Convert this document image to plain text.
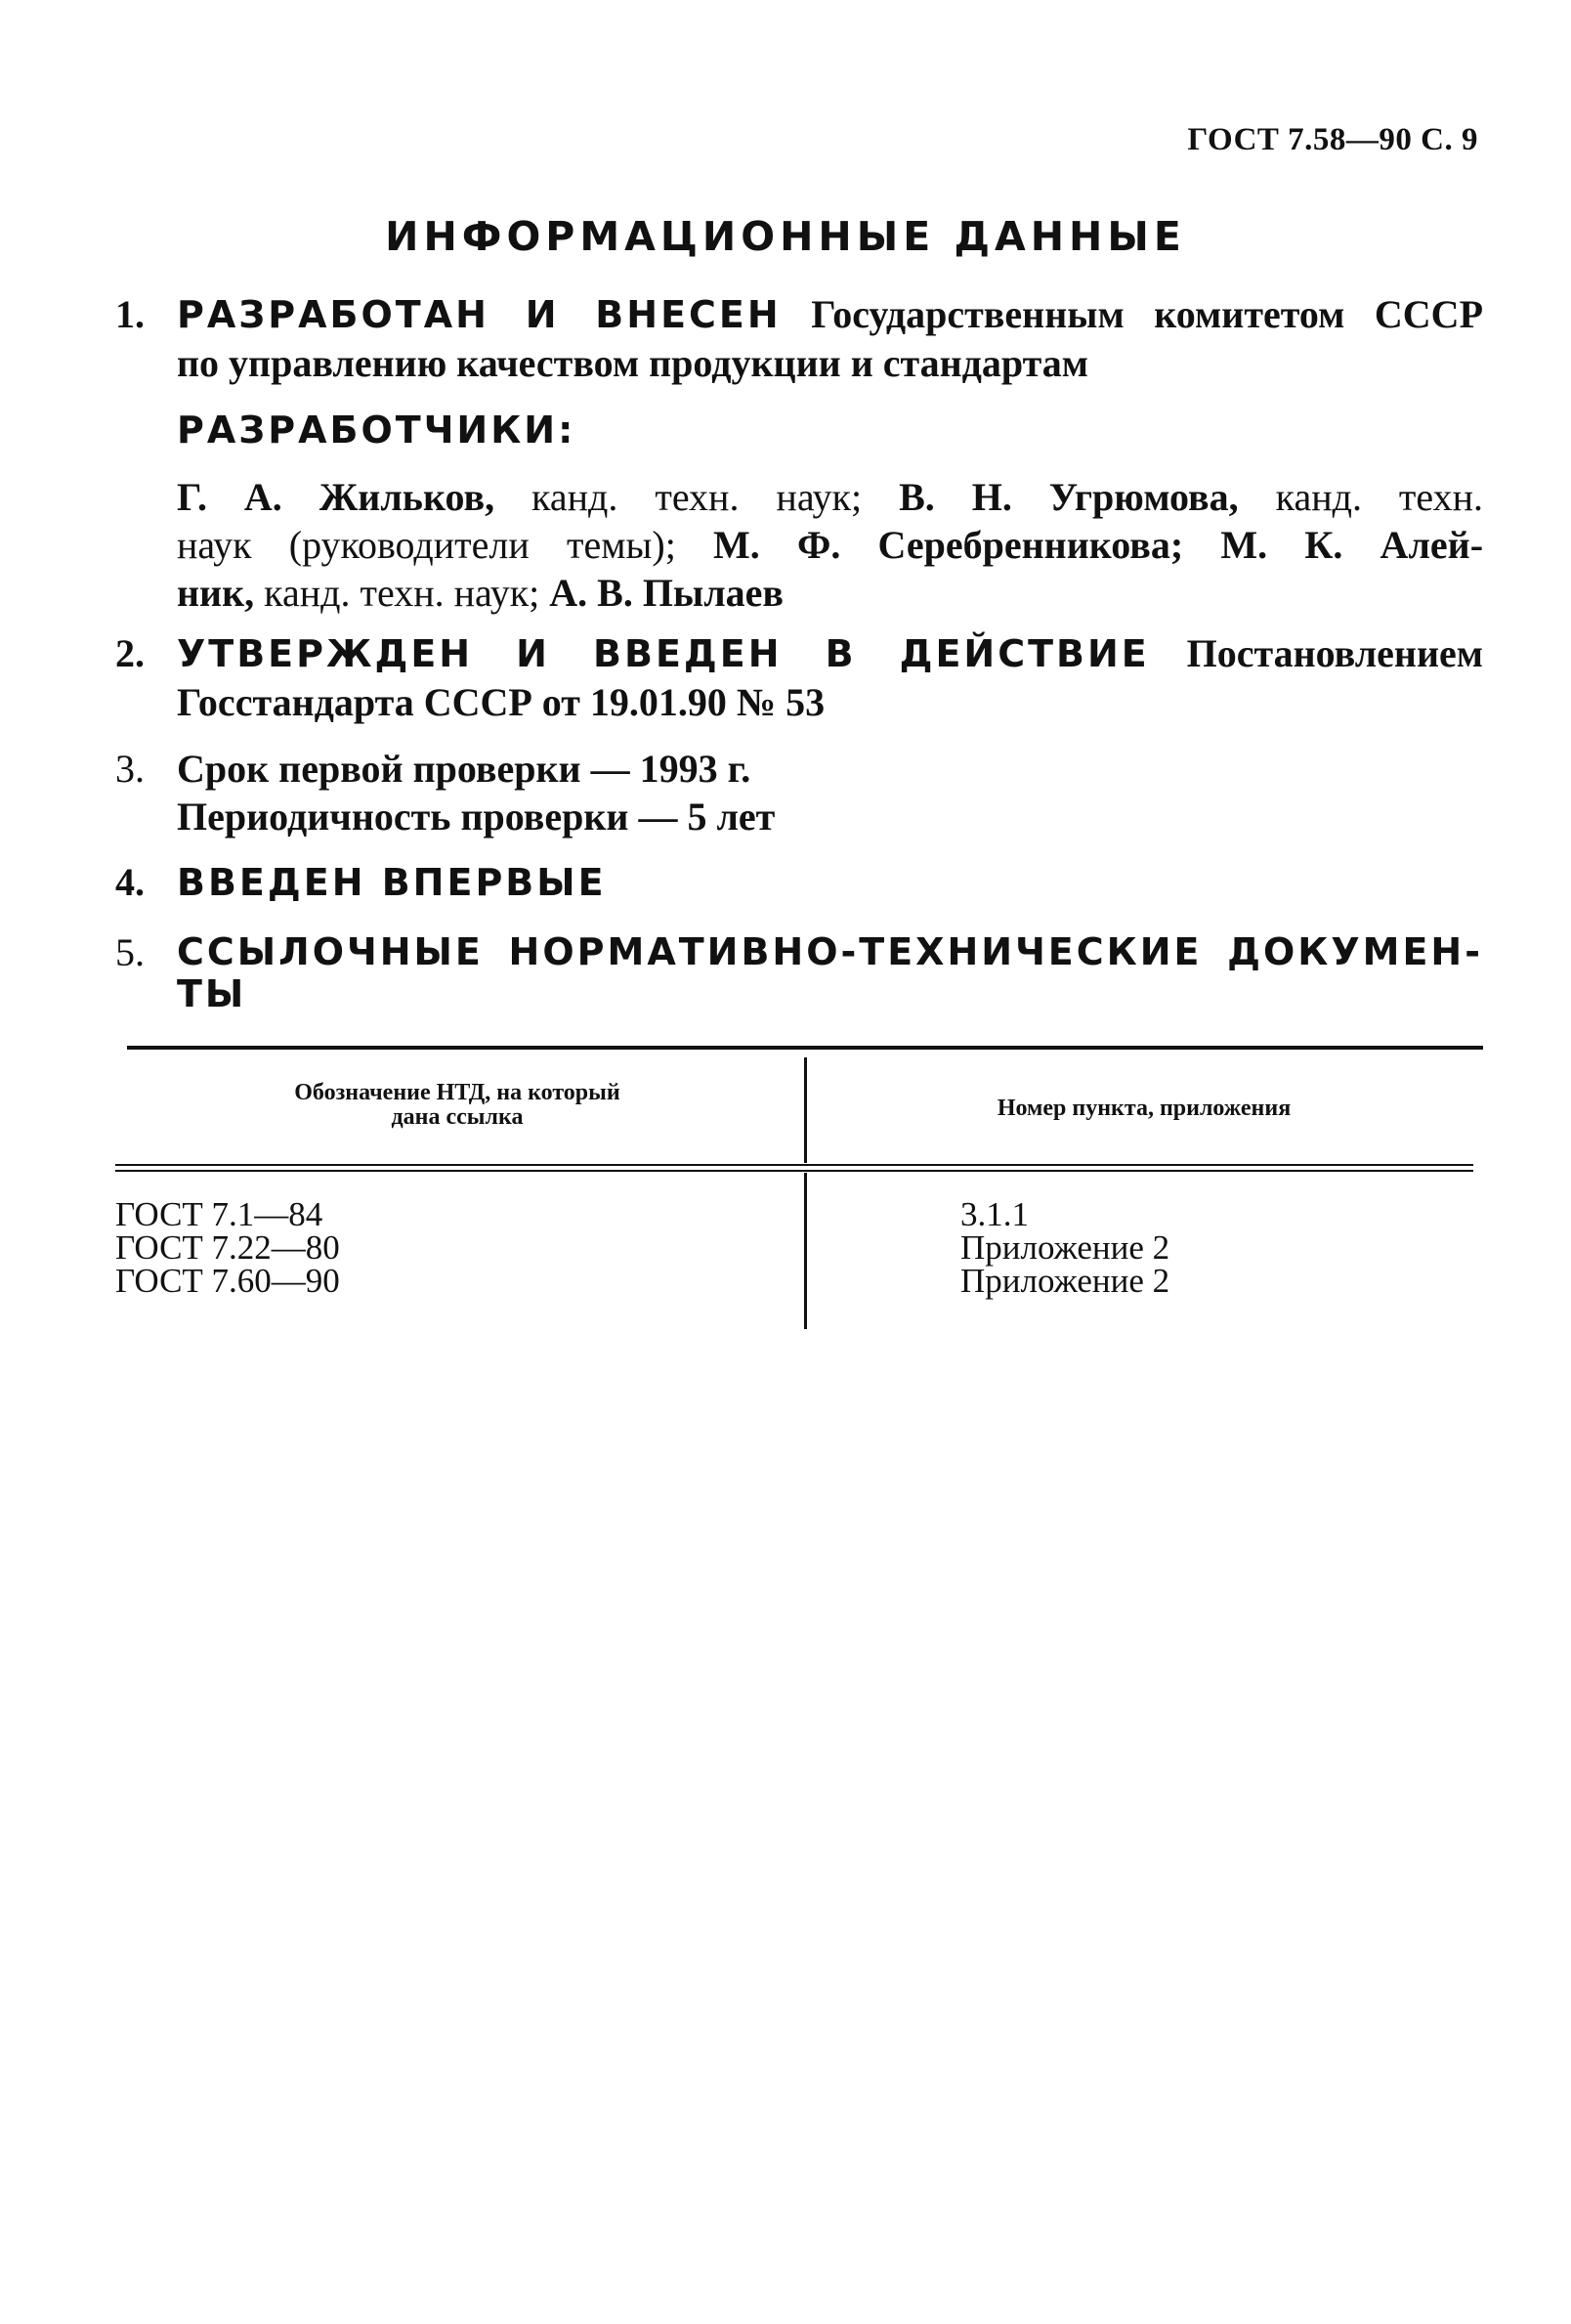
ГОСТ 7.58—90 С. 9
ИНФОРМАЦИОННЫЕ ДАННЫЕ
1. РАЗРАБОТАН И ВНЕСЕН Государственным комитетом СССР
по управлению качеством продукции и стандартам
РАЗРАБОТЧИКИ:
Г. А. Жильков, канд. техн. наук; В. Н. Угрюмова, канд. техн.
наук (руководители темы); М. Ф. Серебренникова; М. К. Алей-
ник, канд. техн. наук; А. В. Пылаев
2. УТВЕРЖДЕН И ВВЕДЕН В ДЕЙСТВИЕ Постановлением
Госстандарта СССР от 19.01.90 № 53
3. Срок первой проверки — 1993 г.
Периодичность проверки — 5 лет
4. ВВЕДЕН ВПЕРВЫЕ
5. ССЫЛОЧНЫЕ НОРМАТИВНО-ТЕХНИЧЕСКИЕ ДОКУМЕН-
ТЫ
Обозначение НТД, на который
дана ссылка	Номер пункта, приложения
ГОСТ 7.1—84
ГОСТ 7.22—80
ГОСТ 7.60—90
3.1.1
Приложение 2
Приложение 2
